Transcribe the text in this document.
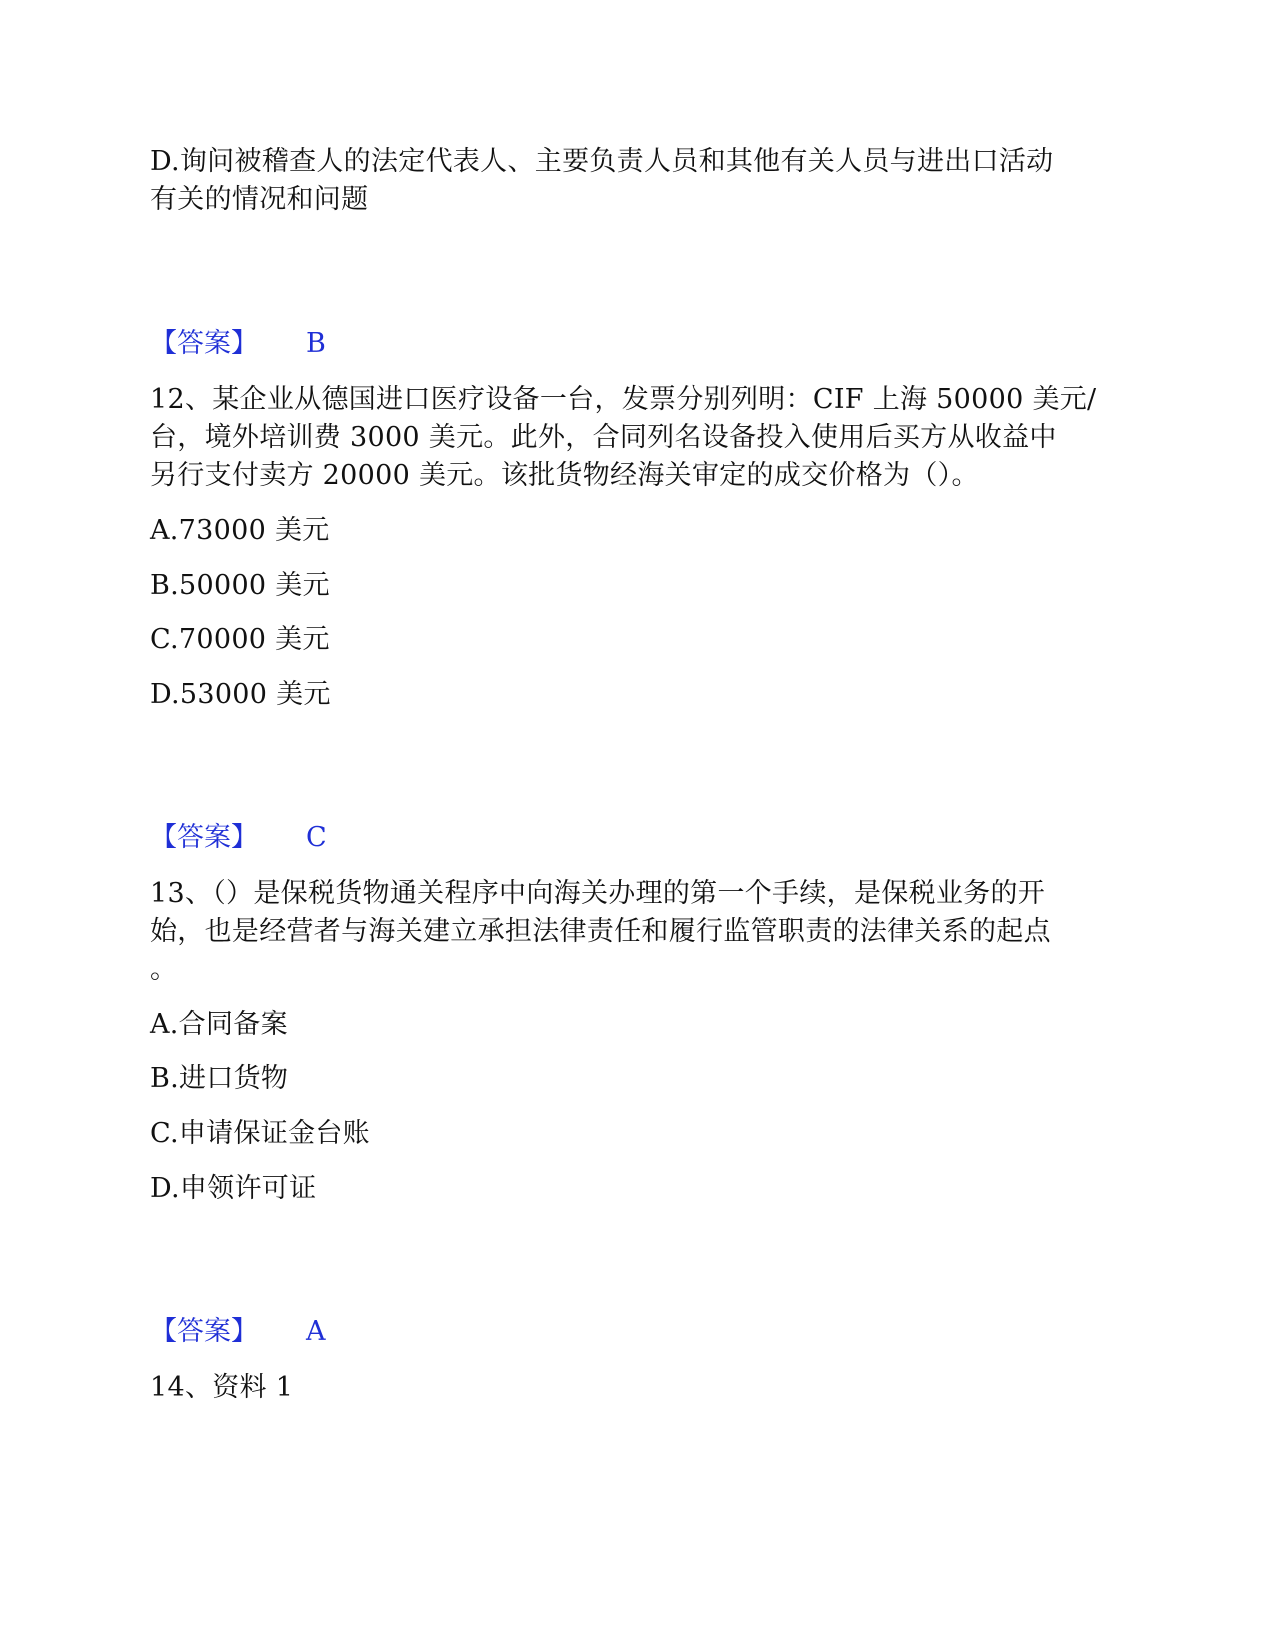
D.询问被稽查人的法定代表人、主要负责人员和其他有关人员与进出口活动
有关的情况和问题
【答案】 B
12、某企业从德国进口医疗设备一台，发票分别列明：CIF 上海 50000 美元/
台，境外培训费 3000 美元。此外，合同列名设备投入使用后买方从收益中
另行支付卖方 20000 美元。该批货物经海关审定的成交价格为（）。
A.73000 美元
B.50000 美元
C.70000 美元
D.53000 美元
【答案】 C
13、（）是保税货物通关程序中向海关办理的第一个手续，是保税业务的开
始，也是经营者与海关建立承担法律责任和履行监管职责的法律关系的起点
。
A.合同备案
B.进口货物
C.申请保证金台账
D.申领许可证
【答案】 A
14、资料 1
